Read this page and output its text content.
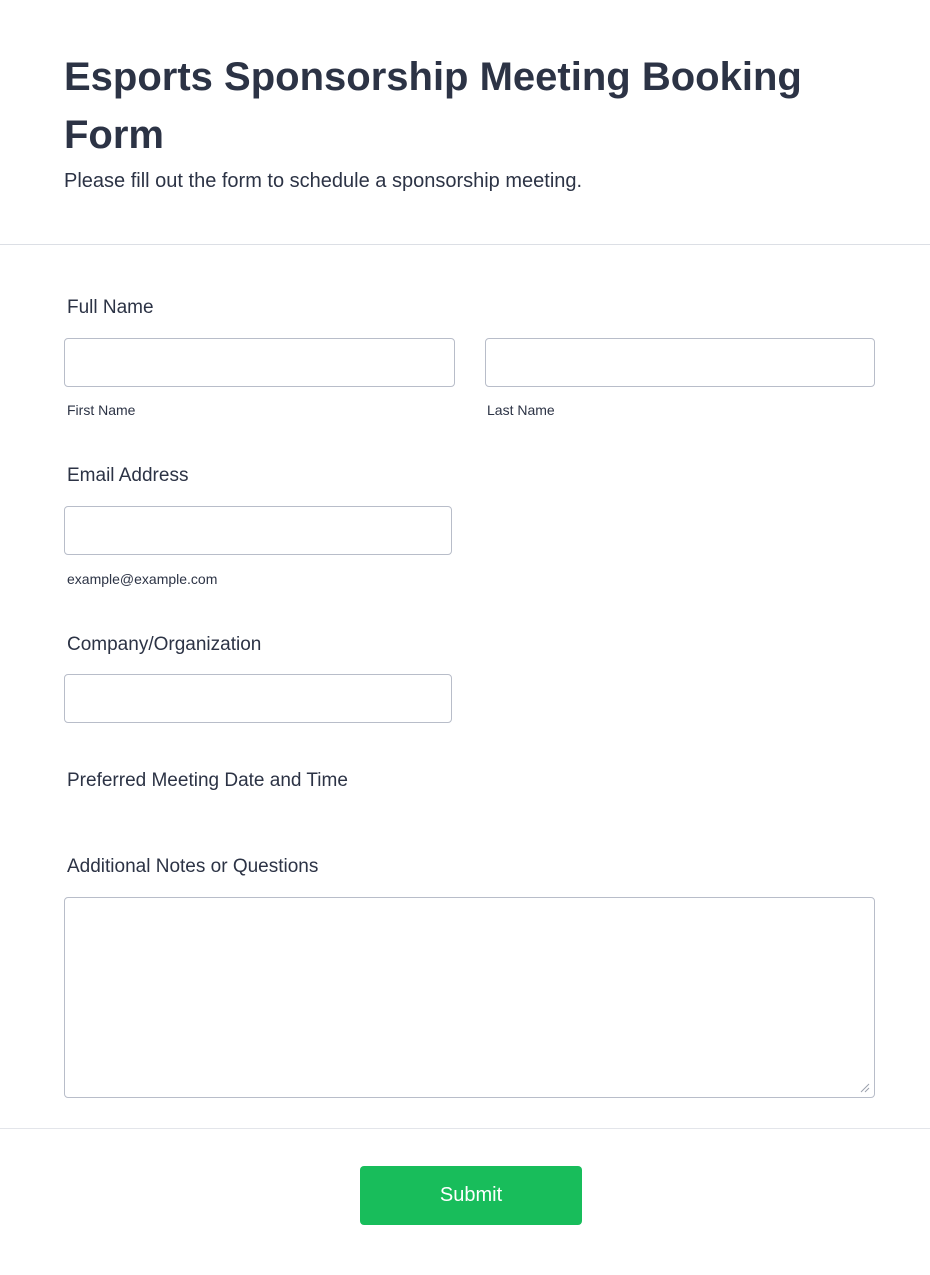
Esports Sponsorship Meeting Booking Form

Please fill out the form to schedule a sponsorship meeting.

Full Name
First Name	Last Name
Email Address
example@example.com
Company/Organization
Preferred Meeting Date and Time
Additional Notes or Questions
Submit
